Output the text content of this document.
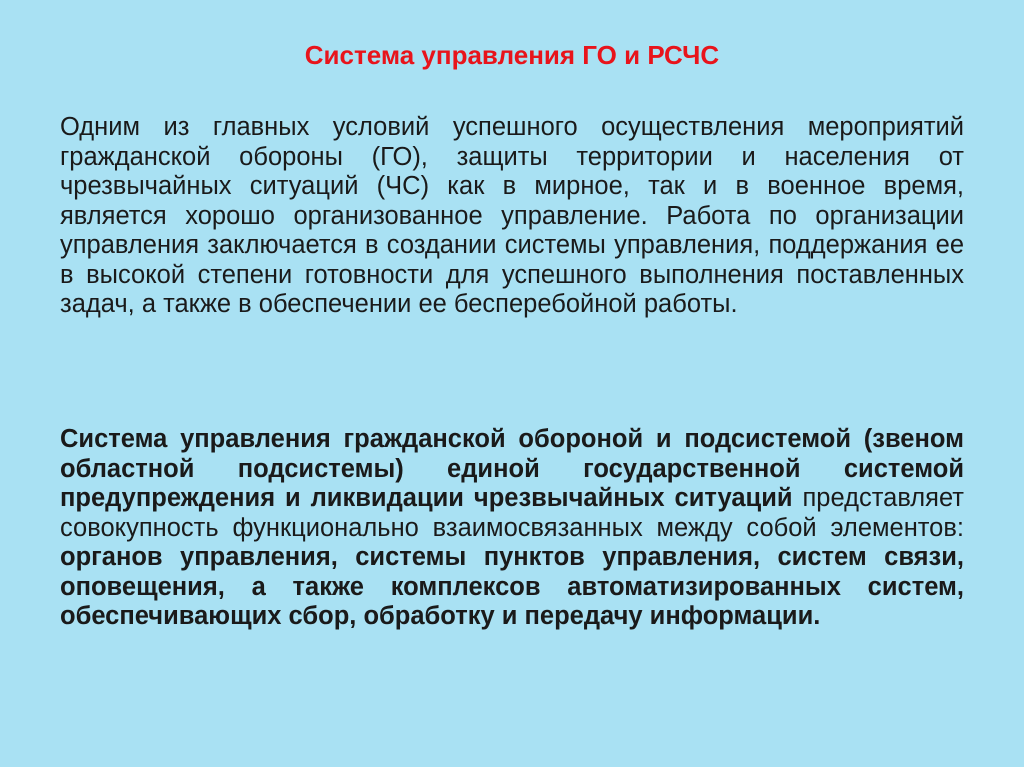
Система управления ГО и РСЧС

Одним из главных условий успешного осуществления мероприятий гражданской обороны (ГО), защиты территории и населения от чрезвычайных ситуаций (ЧС) как в мирное, так и в военное время, является хорошо организованное управление. Работа по организации управления заключается в создании системы управления, поддержания ее в высокой степени готовности для успешного выполнения поставленных задач, а также в обеспечении ее бесперебойной работы.

Система управления гражданской обороной и подсистемой (звеном областной подсистемы) единой государственной системой предупреждения и ликвидации чрезвычайных ситуаций представляет совокупность функционально взаимосвязанных между собой элементов: органов управления, системы пунктов управления, систем связи, оповещения, а также комплексов автоматизированных систем, обеспечивающих сбор, обработку и передачу информации.
